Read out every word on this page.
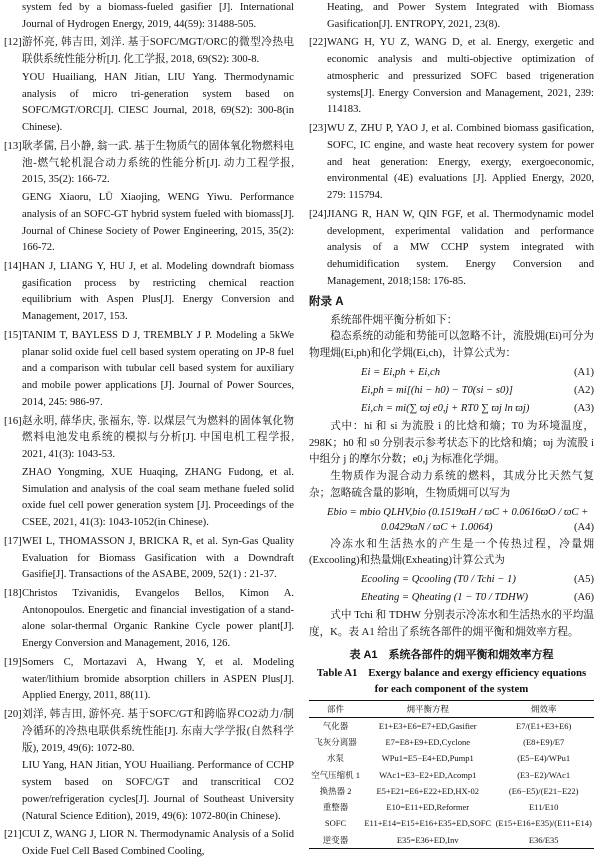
system fed by a biomass-fueled gasifier [J]. International Journal of Hydrogen Energy, 2019, 44(59): 31488-505.

[12] 游怀亮, 韩吉田, 刘洋. 基于SOFC/MGT/ORC的微型冷热电联供系统性能分析[J]. 化工学报, 2018, 69(S2): 300-8.

YOU Huailiang, HAN Jitian, LIU Yang. Thermodynamic analysis of micro tri-generation system based on SOFC/MGT/ORC[J]. CIESC Journal, 2018, 69(S2): 300-8(in Chinese).

[13] 耿孝儒, 吕小静, 翁一武. 基于生物质气的固体氧化物燃料电池-燃气轮机混合动力系统的性能分析[J]. 动力工程学报, 2015, 35(2): 166-72.

GENG Xiaoru, LÜ Xiaojing, WENG Yiwu. Performance analysis of an SOFC-GT hybrid system fueled with biomass[J]. Journal of Chinese Society of Power Engineering, 2015, 35(2): 166-72.

[14] HAN J, LIANG Y, HU J, et al. Modeling downdraft biomass gasification process by restricting chemical reaction equilibrium with Aspen Plus[J]. Energy Conversion and Management, 2017, 153.

[15] TANIM T, BAYLESS D J, TREMBLY J P. Modeling a 5kWe planar solid oxide fuel cell based system operating on JP-8 fuel and a comparison with tubular cell based system for auxiliary and mobile power applications [J]. Journal of Power Sources, 2014, 245: 986-97.

[16] 赵永明, 薛华庆, 张福东, 等. 以煤层气为燃料的固体氧化物燃料电池发电系统的模拟与分析[J]. 中国电机工程学报, 2021, 41(3): 1043-53.

ZHAO Yongming, XUE Huaqing, ZHANG Fudong, et al. Simulation and analysis of the coal seam methane fueled solid oxide fuel cell power generation system [J]. Proceedings of the CSEE, 2021, 41(3): 1043-1052(in Chinese).

[17] WEI L, THOMASSON J, BRICKA R, et al. Syn-Gas Quality Evaluation for Biomass Gasification with a Downdraft Gasifie[J]. Transactions of the ASABE, 2009, 52(1) : 21-37.

[18] Christos Tzivanidis, Evangelos Bellos, Kimon A. Antonopoulos. Energetic and financial investigation of a stand-alone solar-thermal Organic Rankine Cycle power plant[J]. Energy Conversion and Management, 2016, 126.

[19] Somers C, Mortazavi A, Hwang Y, et al. Modeling water/lithium bromide absorption chillers in ASPEN Plus[J]. Applied Energy, 2011, 88(11).

[20] 刘洋, 韩吉田, 游怀亮. 基于SOFC/GT和跨临界CO2动力/制冷循环的冷热电联供系统性能[J]. 东南大学学报(自然科学版), 2019, 49(6): 1072-80.

LIU Yang, HAN Jitian, YOU Huailiang. Performance of CCHP system based on SOFC/GT and transcritical CO2 power/refrigeration cycles[J]. Journal of Southeast University (Natural Science Edition), 2019, 49(6): 1072-80(in Chinese).

[21] CUI Z, WANG J, LIOR N. Thermodynamic Analysis of a Solid Oxide Fuel Cell Based Combined Cooling,

Heating, and Power System Integrated with Biomass Gasification[J]. ENTROPY, 2021, 23(8).

[22] WANG H, YU Z, WANG D, et al. Energy, exergetic and economic analysis and multi-objective optimization of atmospheric and pressurized SOFC based trigeneration systems[J]. Energy Conversion and Management, 2021, 239: 114183.

[23] WU Z, ZHU P, YAO J, et al. Combined biomass gasification, SOFC, IC engine, and waste heat recovery system for power and heat generation: Energy, exergy, exergoeconomic, environmental (4E) evaluations [J]. Applied Energy, 2020, 279: 115794.

[24] JIANG R, HAN W, QIN FGF, et al. Thermodynamic model development, experimental validation and performance analysis of a MW CCHP system integrated with dehumidification system. Energy Conversion and Management, 2018;158: 176-85.

附录 A

系统部件㶲平衡分析如下：

稳态系统的动能和势能可以忽略不计，流股㶲(Ei)可分为物理㶲(Ei,ph)和化学㶲(Ei,ch)，计算公式为：

Ei = Ei,ph + Ei,ch	(A1)
Ei,ph = mi[(hi − h0) − T0(si − s0)]	(A2)
Ei,ch = mi(∑ ϖj e0,j + RT0 ∑ ϖj ln ϖj)	(A3)

式中：hi 和 si 为流股 i 的比焓和熵；T0 为环境温度，298K；h0 和 s0 分别表示参考状态下的比焓和熵；ϖj 为流股 i 中组分 j 的摩尔分数；e0,j 为标准化学㶲。

生物质作为混合动力系统的燃料，其成分比天然气复杂；忽略硫含量的影响，生物质㶲可以写为

Ebio = mbio QLHV,bio (0.1519ϖH / ϖC + 0.0616ϖO / ϖC +
0.0429ϖN / ϖC + 1.0064)	(A4)

冷冻水和生活热水的产生是一个传热过程，冷量㶲(Excooling)和热量㶲(Exheating)计算公式为

Ecooling = Qcooling (T0 / Tchi − 1)	(A5)
Eheating = Qheating (1 − T0 / TDHW)	(A6)

式中 Tchi 和 TDHW 分别表示冷冻水和生活热水的平均温度，K。表 A1 给出了系统各部件的㶲平衡和㶲效率方程。

表 A1　系统各部件的㶲平衡和㶲效率方程

Table A1　Exergy balance and exergy efficiency equations for each component of the system

部件	㶲平衡方程	㶲效率
气化器	E1+E3+E6=E7+ED,Gasifier	E7/(E1+E3+E6)
飞灰分离器	E7=E8+E9+ED,Cyclone	(E8+E9)/E7
水泵	WPu1=E5−E4+ED,Pump1	(E5−E4)/WPu1
空气压缩机 1	WAc1=E3−E2+ED,Acomp1	(E3−E2)/WAc1
换热器 2	E5+E21=E6+E22+ED,HX-02	(E6−E5)/(E21−E22)
重整器	E10=E11+ED,Reformer	E11/E10
SOFC	E11+E14=E15+E16+E35+ED,SOFC	(E15+E16+E35)/(E11+E14)
逆变器	E35=E36+ED,Inv	E36/E35
